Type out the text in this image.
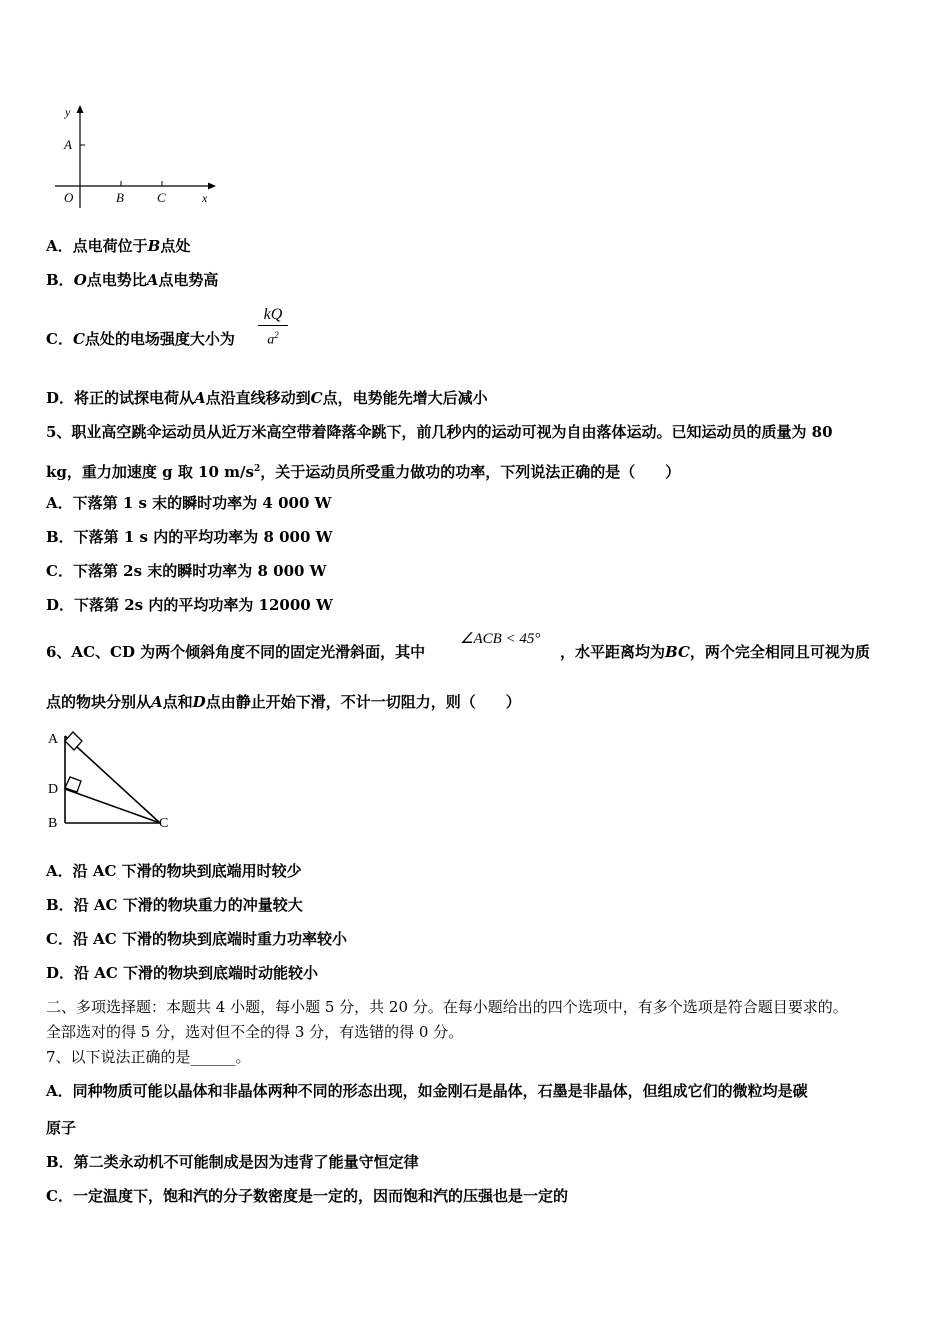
y
A
O	B	C	x
A．点电荷位于B点处
B．O点电势比A点电势高
C．C点处的电场强度大小为 $\frac{kQ}{a^2}$
D．将正的试探电荷从A点沿直线移动到C点，电势能先增大后减小
5、职业高空跳伞运动员从近万米高空带着降落伞跳下，前几秒内的运动可视为自由落体运动。已知运动员的质量为 80
kg，重力加速度 g 取 10 $m/s^2$，关于运动员所受重力做功的功率，下列说法正确的是（　　）
A．下落第 1 s 末的瞬时功率为 4 000 W
B．下落第 1 s 内的平均功率为 8 000 W
C．下落第 2s 末的瞬时功率为 8 000 W
D．下落第 2s 内的平均功率为 12000 W
6、AC、CD 为两个倾斜角度不同的固定光滑斜面，其中
∠ACB < 45°
，水平距离均为BC，两个完全相同且可视为质
点的物块分别从A点和D点由静止开始下滑，不计一切阻力，则（　　）
A
D
B	C
A．沿 AC 下滑的物块到底端用时较少
B．沿 AC 下滑的物块重力的冲量较大
C．沿 AC 下滑的物块到底端时重力功率较小
D．沿 AC 下滑的物块到底端时动能较小
二、多项选择题：本题共 4 小题，每小题 5 分，共 20 分。在每小题给出的四个选项中，有多个选项是符合题目要求的。
全部选对的得 5 分，选对但不全的得 3 分，有选错的得 0 分。
7、以下说法正确的是______。
A．同种物质可能以晶体和非晶体两种不同的形态出现，如金刚石是晶体，石墨是非晶体，但组成它们的微粒均是碳
原子
B．第二类永动机不可能制成是因为违背了能量守恒定律
C．一定温度下，饱和汽的分子数密度是一定的，因而饱和汽的压强也是一定的
